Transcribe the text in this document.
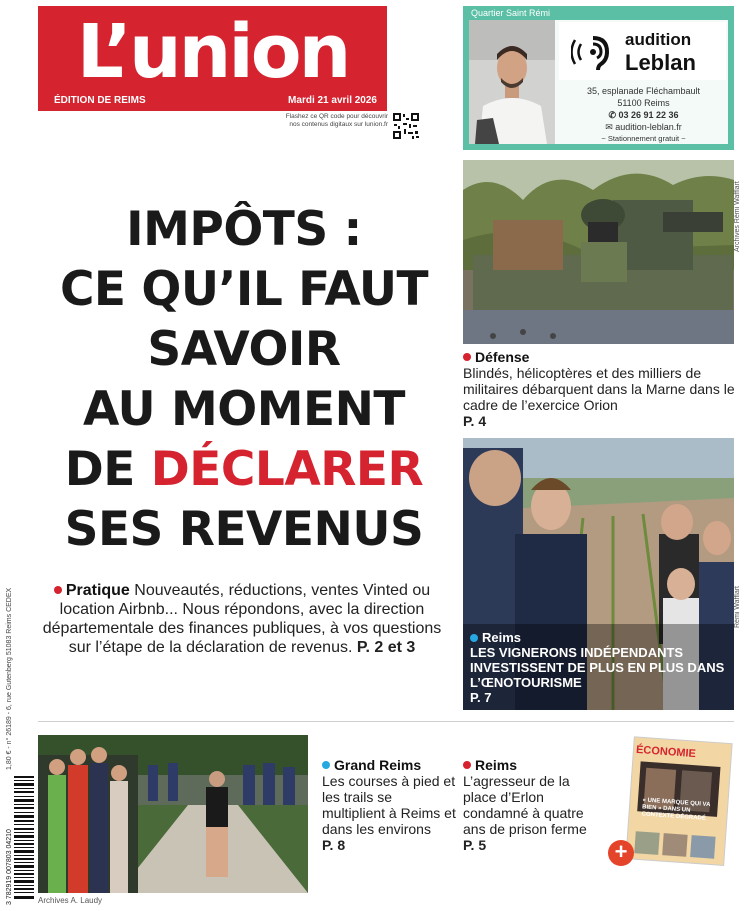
L’union
ÉDITION DE REIMS	Mardi 21 avril 2026
Flashez ce QR code pour découvrir nos contenus digitaux sur lunion.fr
Quartier Saint Rémi
audition
Leblan
35, esplanade Fléchambault
51100 Reims
✆ 03 26 91 22 36
✉ audition-leblan.fr
~ Stationnement gratuit ~
IMPÔTS :
CE QU’IL FAUT
SAVOIR
AU MOMENT
DE DÉCLARER
SES REVENUS
Pratique Nouveautés, réductions, ventes Vinted ou location Airbnb... Nous répondons, avec la direction départementale des finances publiques, à vos questions sur l’étape de la déclaration de revenus. P. 2 et 3
Archives Rémi Wafflart
Défense
Blindés, hélicoptères et des milliers de militaires débarquent dans la Marne dans le cadre de l’exercice Orion
P. 4
Rémi Wafflart
Reims
LES VIGNERONS INDÉPENDANTS INVESTISSENT DE PLUS EN PLUS DANS L’ŒNOTOURISME
P. 7
Archives A. Laudy
Grand Reims
Les courses à pied et les trails se multiplient à Reims et dans les environs
P. 8
Reims
L’agresseur de la place d’Erlon condamné à quatre ans de prison ferme
P. 5
ÉCONOMIE
« UNE MARQUE QUI VA BIEN » DANS UN CONTEXTE DÉGRADÉ
+
1,80 € - n° 26189 - 6, rue Gutenberg 51083 Reims CEDEX
3 782919 007803 04210
